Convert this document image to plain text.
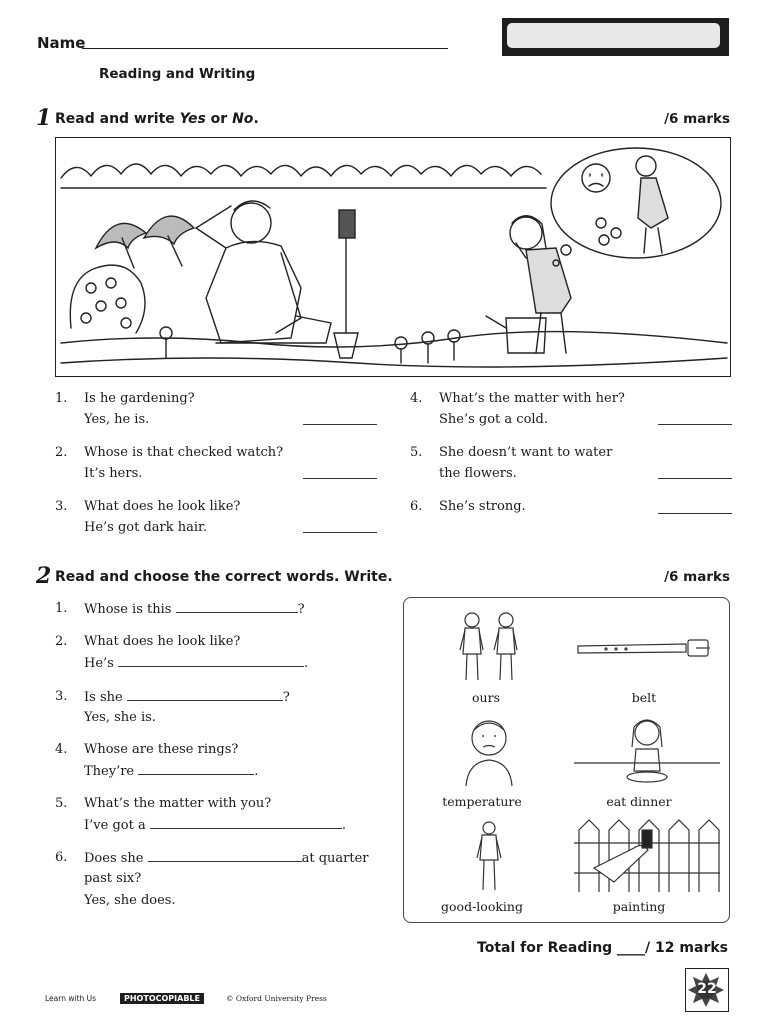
Name
Reading and Writing
1 Read and write Yes or No.	/6 marks
1. Is he gardening?
Yes, he is.
2. Whose is that checked watch?
It’s hers.
3. What does he look like?
He’s got dark hair.
4. What’s the matter with her?
She’s got a cold.
5. She doesn’t want to water
the flowers.
6. She’s strong.
2 Read and choose the correct words. Write.	/6 marks
1. Whose is this	?
2. What does he look like?
He’s	.
3. Is she	?
Yes, she is.
4. Whose are these rings?
They’re	.
5. What’s the matter with you?
I’ve got a	.
6. Does she	at quarter
past six?
Yes, she does.
ours	belt
temperature	eat dinner
good-looking	painting
Total for Reading ____/ 12 marks
Learn with Us	PHOTOCOPIABLE	© Oxford University Press
22
